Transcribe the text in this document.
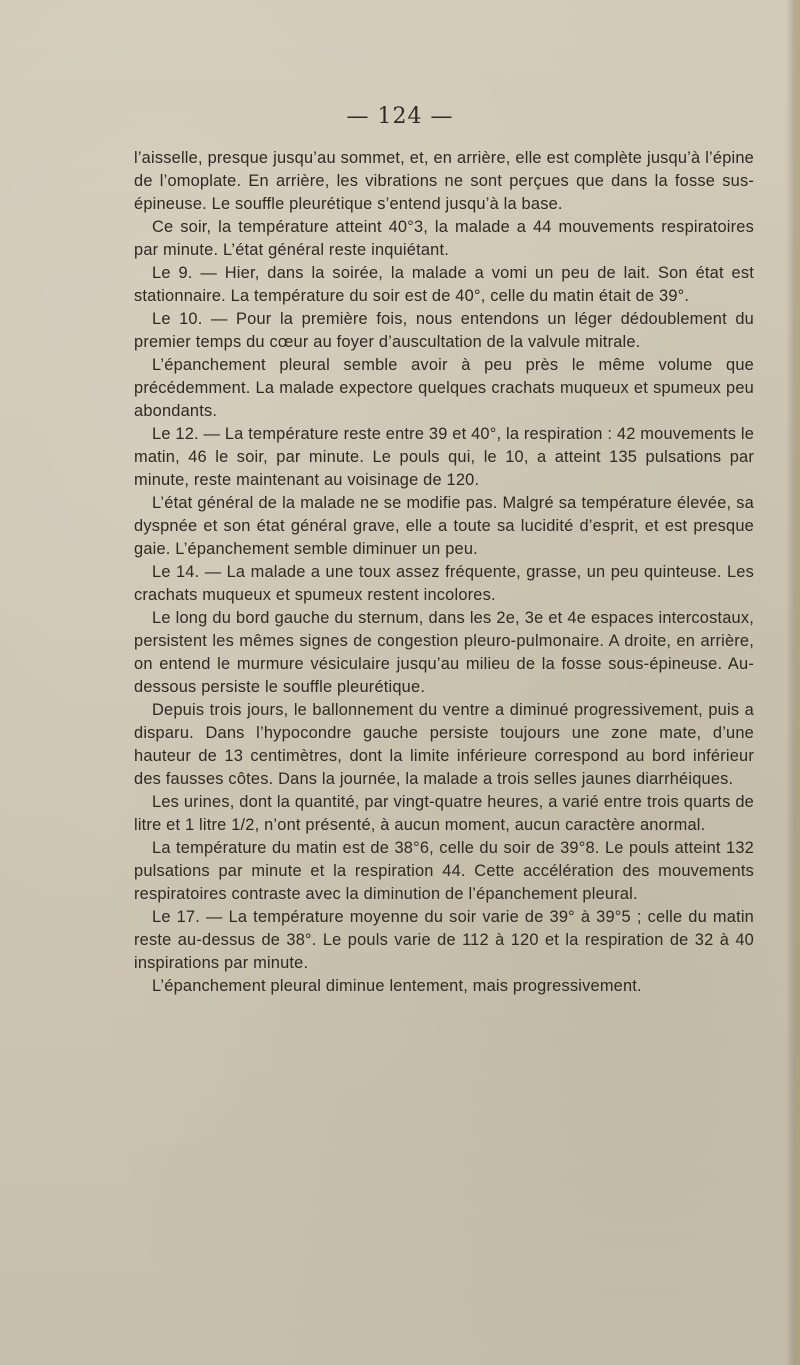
— 124 —

l’aisselle, presque jusqu’au sommet, et, en arrière, elle est complète jusqu’à l’épine de l’omoplate. En arrière, les vibrations ne sont perçues que dans la fosse sus-épineuse. Le souffle pleurétique s’entend jusqu’à la base.

Ce soir, la température atteint 40°3, la malade a 44 mouvements respiratoires par minute. L’état général reste inquiétant.

Le 9. — Hier, dans la soirée, la malade a vomi un peu de lait. Son état est stationnaire. La température du soir est de 40°, celle du matin était de 39°.

Le 10. — Pour la première fois, nous entendons un léger dédoublement du premier temps du cœur au foyer d’auscultation de la valvule mitrale.

L’épanchement pleural semble avoir à peu près le même volume que précédemment. La malade expectore quelques crachats muqueux et spumeux peu abondants.

Le 12. — La température reste entre 39 et 40°, la respiration : 42 mouvements le matin, 46 le soir, par minute. Le pouls qui, le 10, a atteint 135 pulsations par minute, reste maintenant au voisinage de 120.

L’état général de la malade ne se modifie pas. Malgré sa température élevée, sa dyspnée et son état général grave, elle a toute sa lucidité d’esprit, et est presque gaie. L’épanchement semble diminuer un peu.

Le 14. — La malade a une toux assez fréquente, grasse, un peu quinteuse. Les crachats muqueux et spumeux restent incolores.

Le long du bord gauche du sternum, dans les 2e, 3e et 4e espaces intercostaux, persistent les mêmes signes de congestion pleuro-pulmonaire. A droite, en arrière, on entend le murmure vésiculaire jusqu’au milieu de la fosse sous-épineuse. Au-dessous persiste le souffle pleurétique.

Depuis trois jours, le ballonnement du ventre a diminué progressivement, puis a disparu. Dans l’hypocondre gauche persiste toujours une zone mate, d’une hauteur de 13 centimètres, dont la limite inférieure correspond au bord inférieur des fausses côtes. Dans la journée, la malade a trois selles jaunes diarrhéiques.

Les urines, dont la quantité, par vingt-quatre heures, a varié entre trois quarts de litre et 1 litre 1/2, n’ont présenté, à aucun moment, aucun caractère anormal.

La température du matin est de 38°6, celle du soir de 39°8. Le pouls atteint 132 pulsations par minute et la respiration 44. Cette accélération des mouvements respiratoires contraste avec la diminution de l’épanchement pleural.

Le 17. — La température moyenne du soir varie de 39° à 39°5 ; celle du matin reste au-dessus de 38°. Le pouls varie de 112 à 120 et la respiration de 32 à 40 inspirations par minute.

L’épanchement pleural diminue lentement, mais progressivement.
